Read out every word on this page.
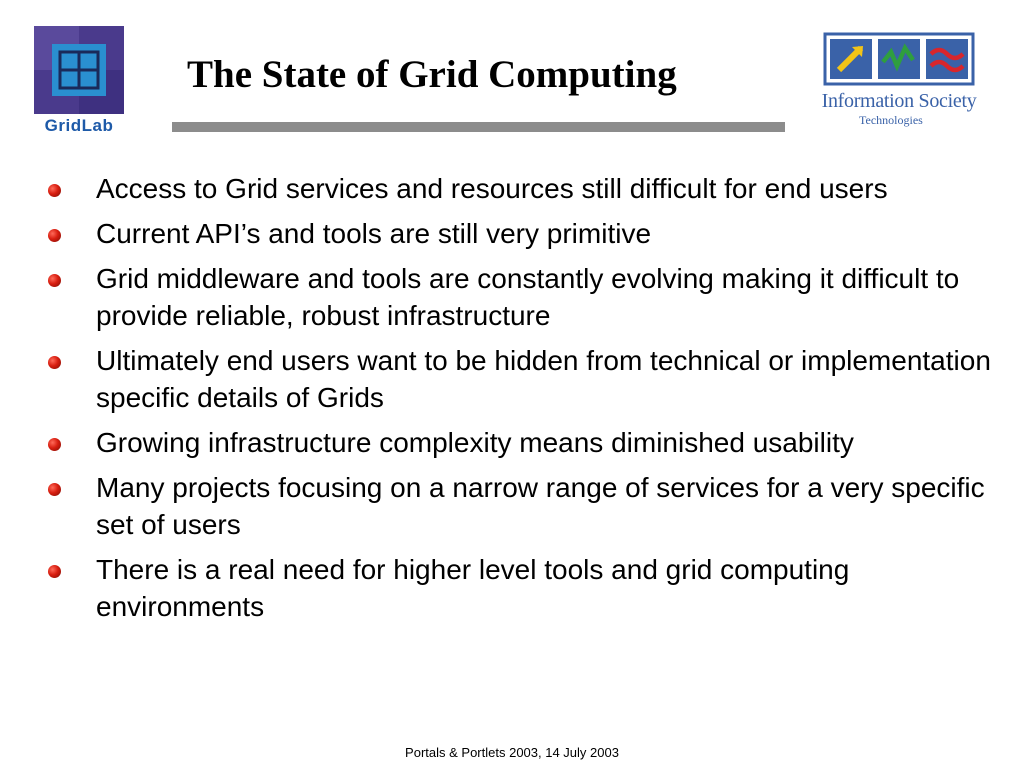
GridLab
The State of Grid Computing
Information Society
Technologies
Access to Grid services and resources still difficult for end users
Current API’s and tools are still very primitive
Grid middleware and tools are constantly evolving making it difficult to provide reliable, robust infrastructure
Ultimately end users want to be hidden from technical or implementation specific details of Grids
Growing infrastructure complexity means diminished usability
Many projects focusing on a narrow range of services for a very specific set of users
There is a real need for higher level tools and grid computing environments
Portals & Portlets 2003, 14 July 2003
